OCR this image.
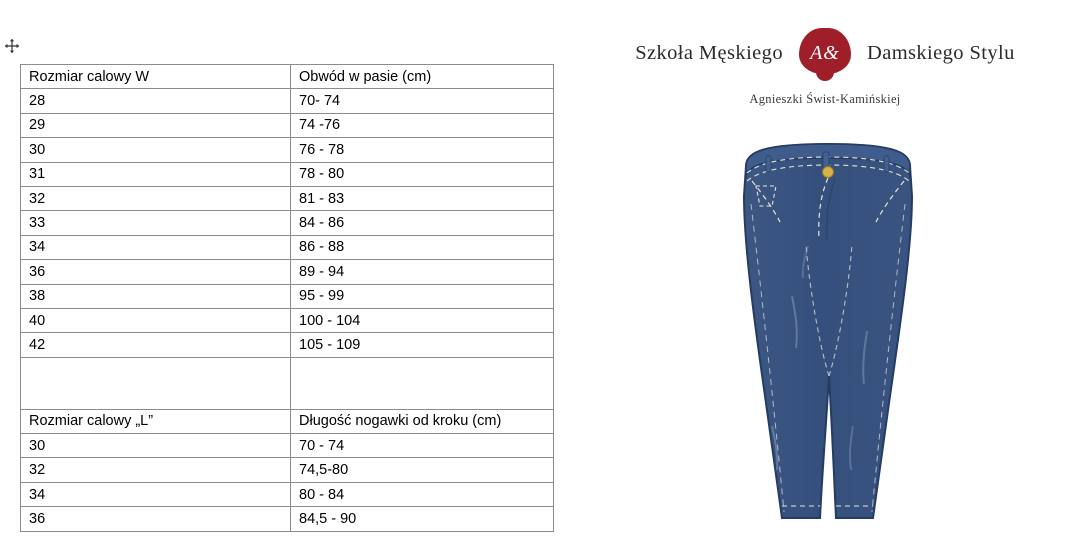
Rozmiar calowy W	Obwód w pasie (cm)
28	70- 74
29	74 -76
30	76 - 78
31	78 - 80
32	81 - 83
33	84 - 86
34	86 - 88
36	89 - 94
38	95 - 99
40	100 - 104
42	105 - 109

Rozmiar calowy „L”	Długość nogawki od kroku (cm)
30	70 - 74
32	74,5-80
34	80 - 84
36	84,5 - 90
Szkoła Męskiego	A&	Damskiego Stylu
Agnieszki Świst-Kamińskiej
